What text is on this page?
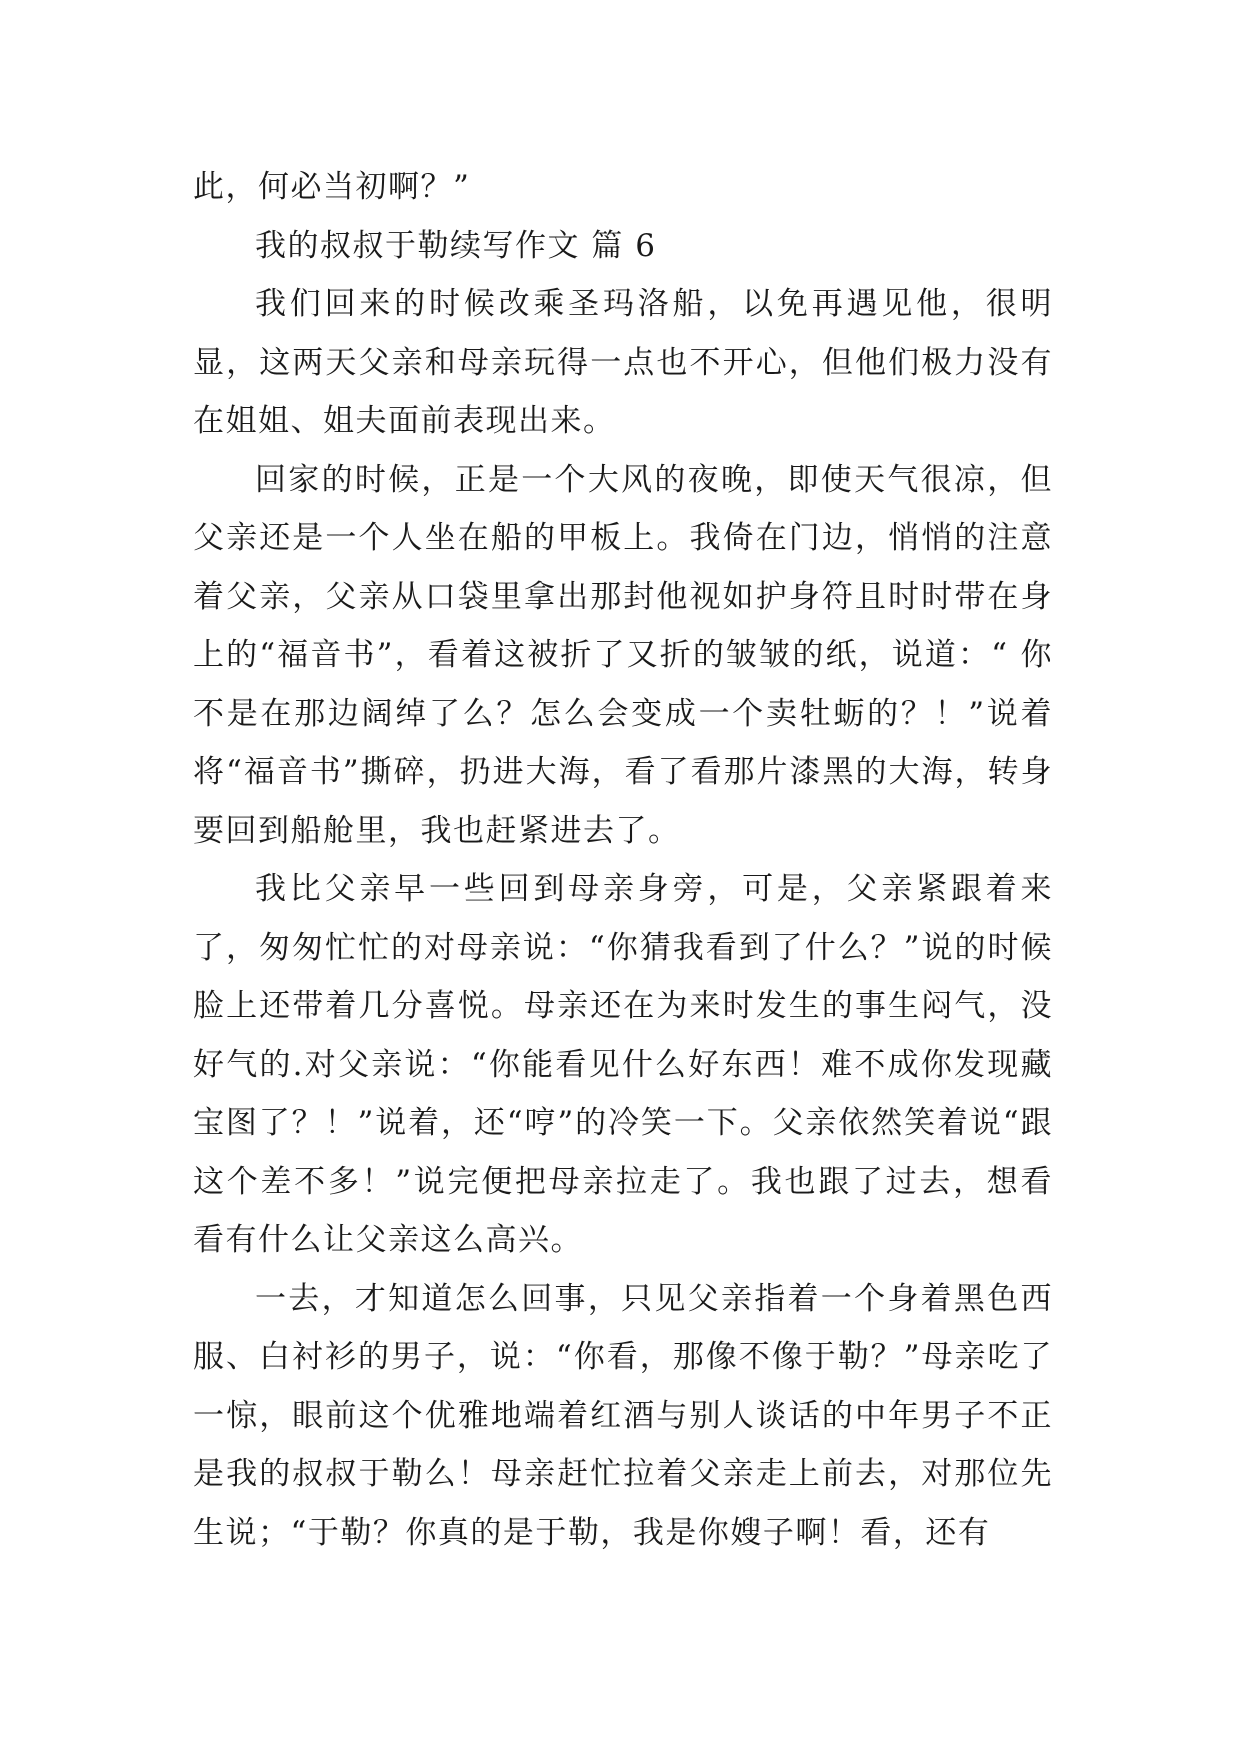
此，何必当初啊？”

我的叔叔于勒续写作文 篇 6

我们回来的时候改乘圣玛洛船，以免再遇见他，很明显，这两天父亲和母亲玩得一点也不开心，但他们极力没有在姐姐、姐夫面前表现出来。

回家的时候，正是一个大风的夜晚，即使天气很凉，但父亲还是一个人坐在船的甲板上。我倚在门边，悄悄的注意着父亲，父亲从口袋里拿出那封他视如护身符且时时带在身上的“福音书”，看着这被折了又折的皱皱的纸，说道：“ 你不是在那边阔绰了么？怎么会变成一个卖牡蛎的？！”说着将“福音书”撕碎，扔进大海，看了看那片漆黑的大海，转身要回到船舱里，我也赶紧进去了。

我比父亲早一些回到母亲身旁，可是，父亲紧跟着来了，匆匆忙忙的对母亲说：“你猜我看到了什么？”说的时候脸上还带着几分喜悦。母亲还在为来时发生的事生闷气，没好气的.对父亲说：“你能看见什么好东西！难不成你发现藏宝图了？！”说着，还“哼”的冷笑一下。父亲依然笑着说“跟这个差不多！”说完便把母亲拉走了。我也跟了过去，想看看有什么让父亲这么高兴。

一去，才知道怎么回事，只见父亲指着一个身着黑色西服、白衬衫的男子，说：“你看，那像不像于勒？”母亲吃了一惊，眼前这个优雅地端着红酒与别人谈话的中年男子不正是我的叔叔于勒么！母亲赶忙拉着父亲走上前去，对那位先生说；“于勒？你真的是于勒，我是你嫂子啊！看，还有
